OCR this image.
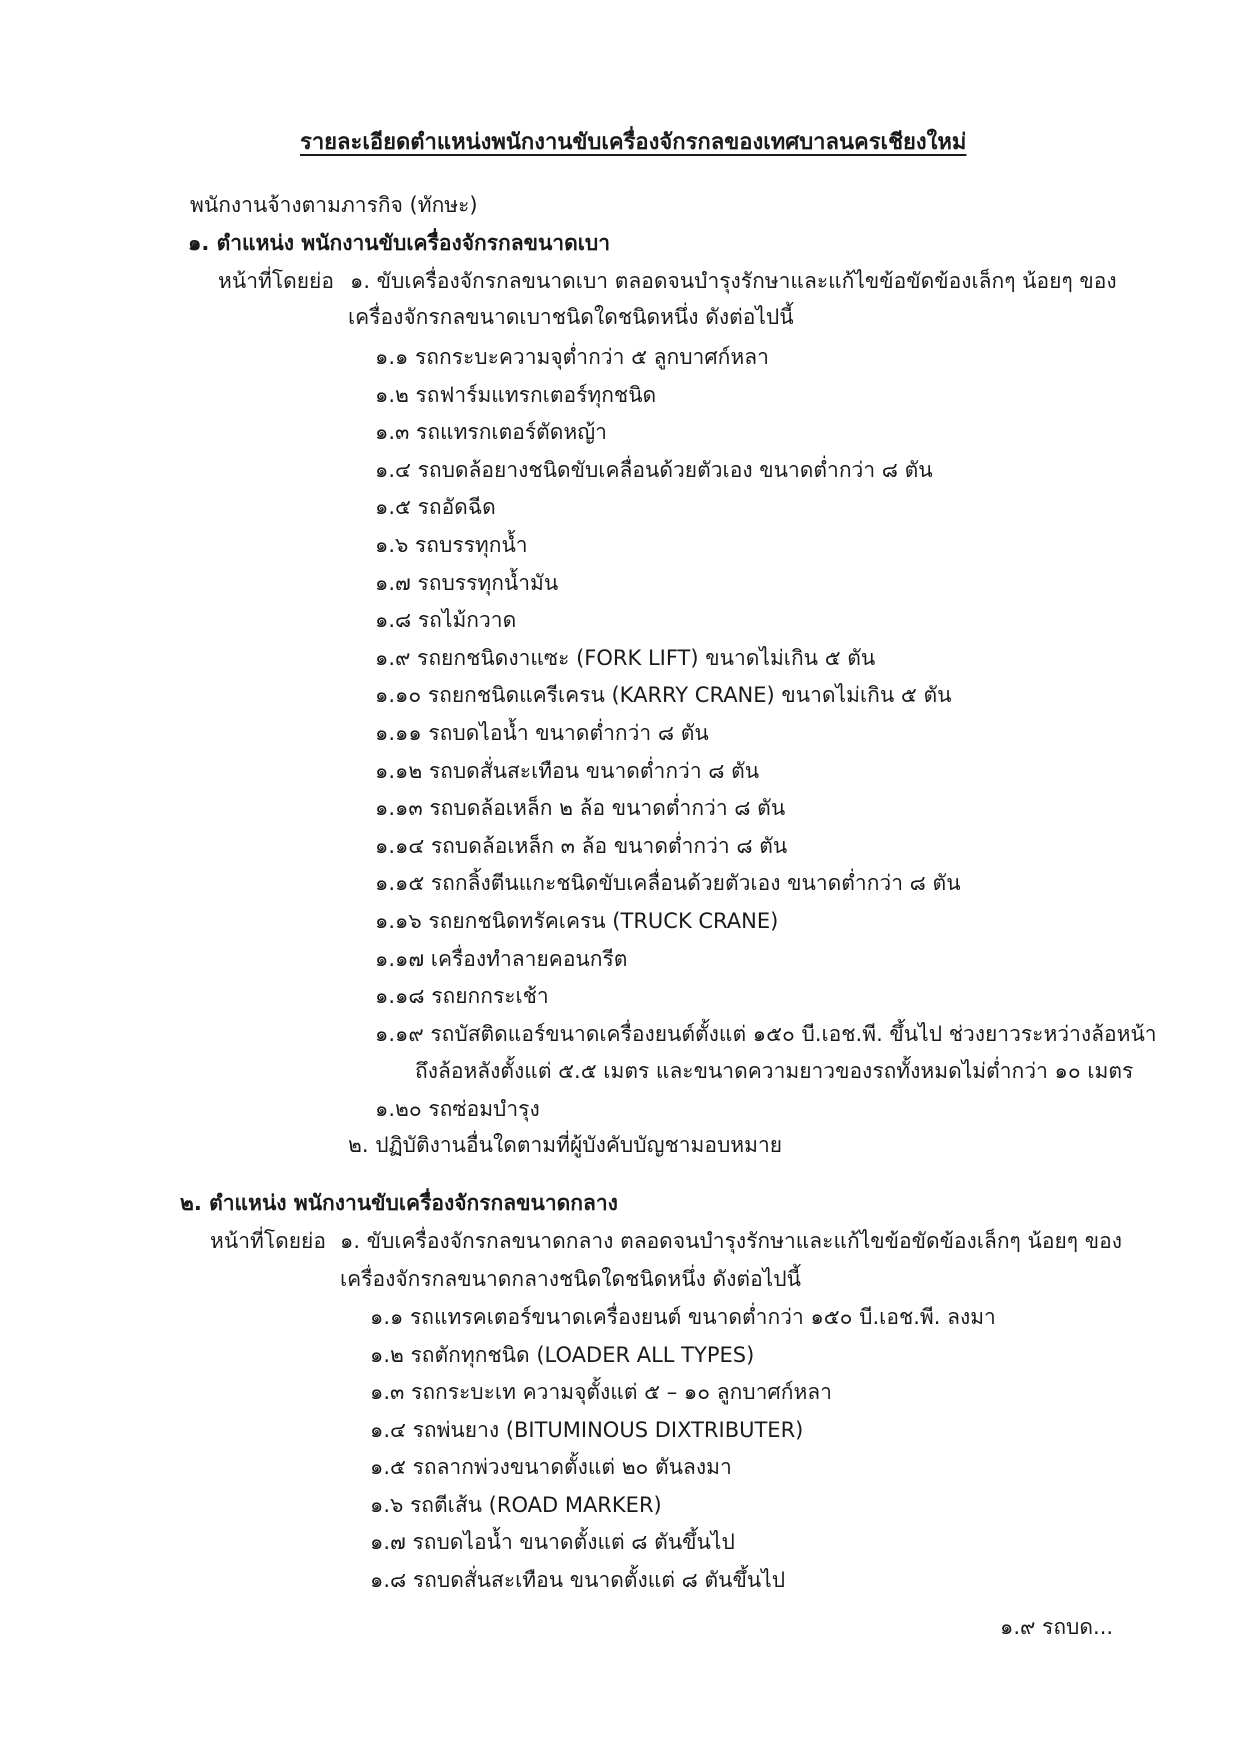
รายละเอียดตำแหน่งพนักงานขับเครื่องจักรกลของเทศบาลนครเชียงใหม่
พนักงานจ้างตามภารกิจ (ทักษะ)
๑. ตำแหน่ง พนักงานขับเครื่องจักรกลขนาดเบา
หน้าที่โดยย่อ ๑. ขับเครื่องจักรกลขนาดเบา ตลอดจนบำรุงรักษาและแก้ไขข้อขัดข้องเล็กๆ น้อยๆ ของ
เครื่องจักรกลขนาดเบาชนิดใดชนิดหนึ่ง ดังต่อไปนี้
๑.๑ รถกระบะความจุต่ำกว่า ๕ ลูกบาศก์หลา
๑.๒ รถฟาร์มแทรกเตอร์ทุกชนิด
๑.๓ รถแทรกเตอร์ตัดหญ้า
๑.๔ รถบดล้อยางชนิดขับเคลื่อนด้วยตัวเอง ขนาดต่ำกว่า ๘ ตัน
๑.๕ รถอัดฉีด
๑.๖ รถบรรทุกน้ำ
๑.๗ รถบรรทุกน้ำมัน
๑.๘ รถไม้กวาด
๑.๙ รถยกชนิดงาแซะ (FORK LIFT) ขนาดไม่เกิน ๕ ตัน
๑.๑๐ รถยกชนิดแครีเครน (KARRY CRANE) ขนาดไม่เกิน ๕ ตัน
๑.๑๑ รถบดไอน้ำ ขนาดต่ำกว่า ๘ ตัน
๑.๑๒ รถบดสั่นสะเทือน ขนาดต่ำกว่า ๘ ตัน
๑.๑๓ รถบดล้อเหล็ก ๒ ล้อ ขนาดต่ำกว่า ๘ ตัน
๑.๑๔ รถบดล้อเหล็ก ๓ ล้อ ขนาดต่ำกว่า ๘ ตัน
๑.๑๕ รถกลิ้งตีนแกะชนิดขับเคลื่อนด้วยตัวเอง ขนาดต่ำกว่า ๘ ตัน
๑.๑๖ รถยกชนิดทรัคเครน (TRUCK CRANE)
๑.๑๗ เครื่องทำลายคอนกรีต
๑.๑๘ รถยกกระเช้า
๑.๑๙ รถบัสติดแอร์ขนาดเครื่องยนต์ตั้งแต่ ๑๕๐ บี.เอช.พี. ขึ้นไป ช่วงยาวระหว่างล้อหน้า
ถึงล้อหลังตั้งแต่ ๕.๕ เมตร และขนาดความยาวของรถทั้งหมดไม่ต่ำกว่า ๑๐ เมตร
๑.๒๐ รถซ่อมบำรุง
๒. ปฏิบัติงานอื่นใดตามที่ผู้บังคับบัญชามอบหมาย
๒. ตำแหน่ง พนักงานขับเครื่องจักรกลขนาดกลาง
หน้าที่โดยย่อ ๑. ขับเครื่องจักรกลขนาดกลาง ตลอดจนบำรุงรักษาและแก้ไขข้อขัดข้องเล็กๆ น้อยๆ ของ
เครื่องจักรกลขนาดกลางชนิดใดชนิดหนึ่ง ดังต่อไปนี้
๑.๑ รถแทรคเตอร์ขนาดเครื่องยนต์ ขนาดต่ำกว่า ๑๕๐ บี.เอช.พี. ลงมา
๑.๒ รถตักทุกชนิด (LOADER ALL TYPES)
๑.๓ รถกระบะเท ความจุตั้งแต่ ๕ – ๑๐ ลูกบาศก์หลา
๑.๔ รถพ่นยาง (BITUMINOUS DIXTRIBUTER)
๑.๕ รถลากพ่วงขนาดตั้งแต่ ๒๐ ตันลงมา
๑.๖ รถตีเส้น (ROAD MARKER)
๑.๗ รถบดไอน้ำ ขนาดตั้งแต่ ๘ ตันขึ้นไป
๑.๘ รถบดสั่นสะเทือน ขนาดตั้งแต่ ๘ ตันขึ้นไป
๑.๙ รถบด...
